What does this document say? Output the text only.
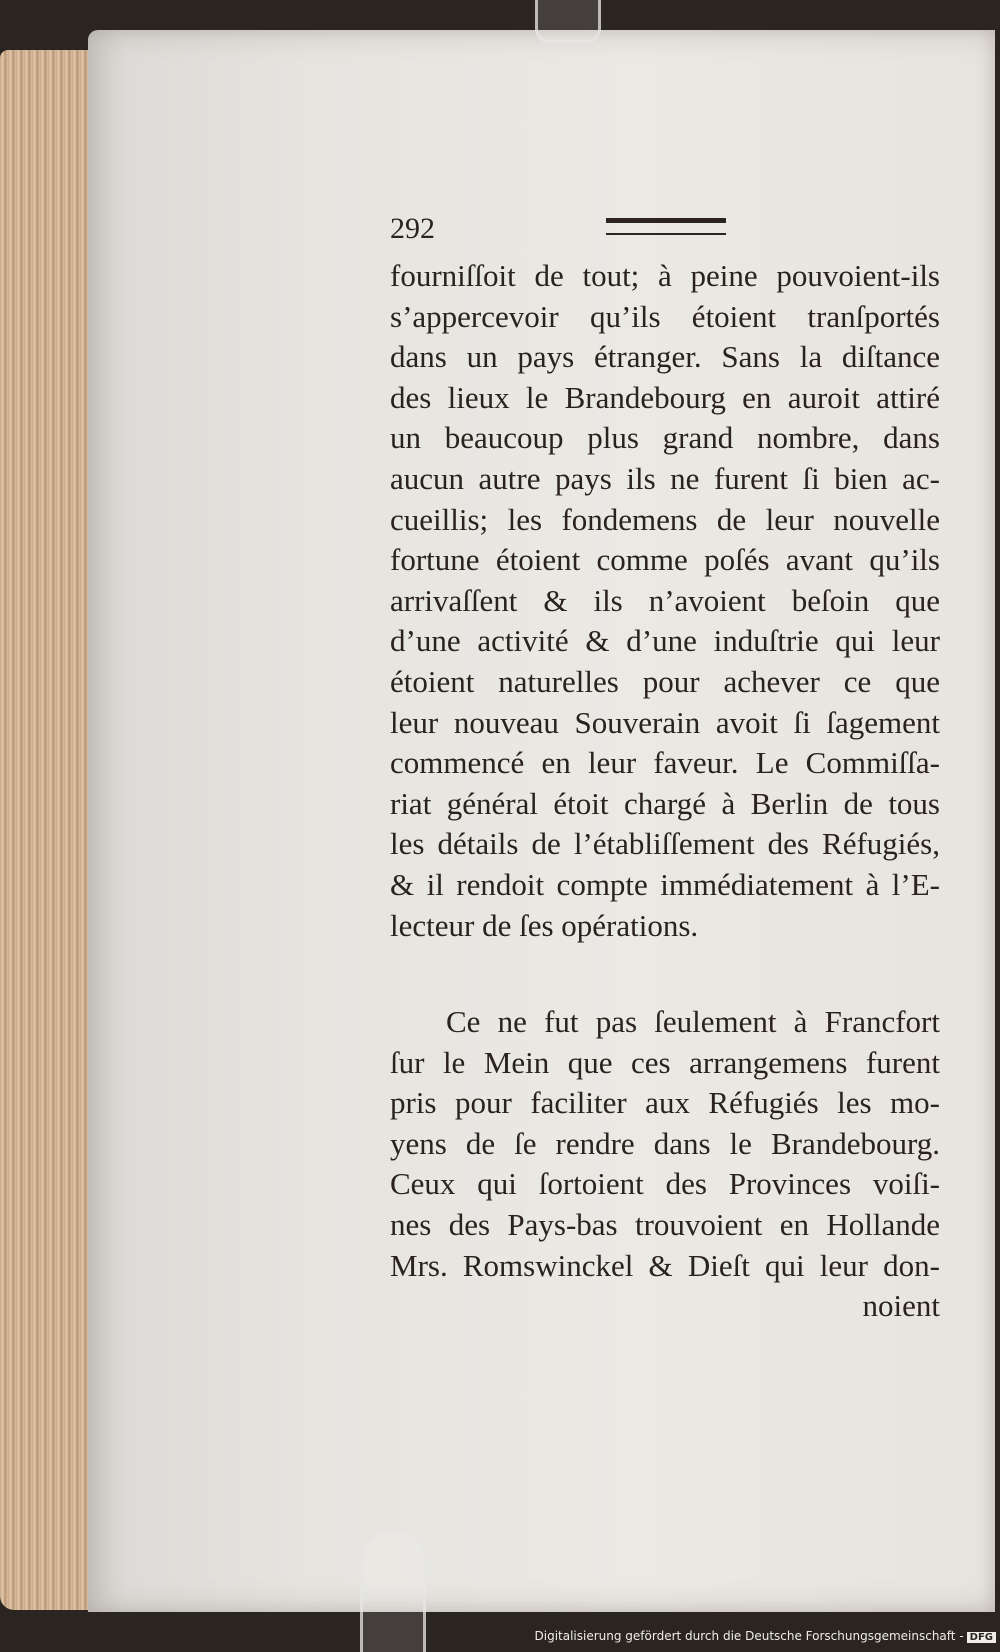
292
fourniſſoit de tout; à peine pouvoient-ils
s’appercevoir qu’ils étoient tranſportés
dans un pays étranger. Sans la diſtance
des lieux le Brandebourg en auroit attiré
un beaucoup plus grand nombre, dans
aucun autre pays ils ne furent ſi bien ac-
cueillis; les fondemens de leur nouvelle
fortune étoient comme poſés avant qu’ils
arrivaſſent & ils n’avoient beſoin que
d’une activité & d’une induſtrie qui leur
étoient naturelles pour achever ce que
leur nouveau Souverain avoit ſi ſagement
commencé en leur faveur. Le Commiſſa-
riat général étoit chargé à Berlin de tous
les détails de l’établiſſement des Réfugiés,
& il rendoit compte immédiatement à l’E-
lecteur de ſes opérations.
Ce ne fut pas ſeulement à Francfort
ſur le Mein que ces arrangemens furent
pris pour faciliter aux Réfugiés les mo-
yens de ſe rendre dans le Brandebourg.
Ceux qui ſortoient des Provinces voiſi-
nes des Pays-bas trouvoient en Hollande
Mrs. Romswinckel & Dieſt qui leur don-
noient
Digitalisierung gefördert durch die Deutsche Forschungsgemeinschaft - DFG
